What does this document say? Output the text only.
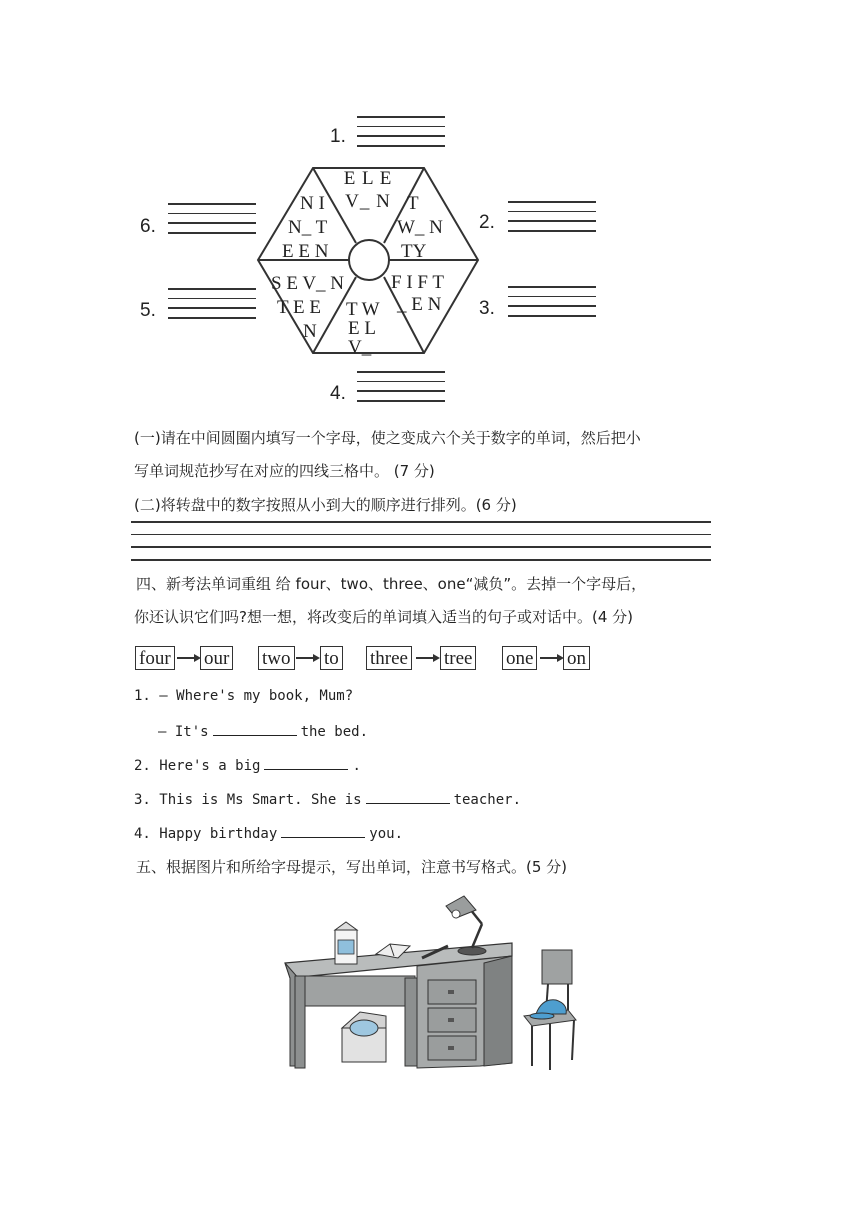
E L E
V_ N T
W_ N
TY
F I F T
_ E N
T W
E L
V_
S E V_ N
T E E
N
N I
N_ T
E E N
1.
2.
3.
4.
5.
6.
(一)请在中间圆圈内填写一个字母，使之变成六个关于数字的单词，然后把小
写单词规范抄写在对应的四线三格中。 (7 分)
(二)将转盘中的数字按照从小到大的顺序进行排列。(6 分)
四、新考法单词重组 给 four、two、three、one“减负”。去掉一个字母后，
你还认识它们吗?想一想，将改变后的单词填入适当的句子或对话中。(4 分)
four our two to three tree one on
1. — Where's my book, Mum?
— It's	the bed.
2. Here's a big	.
3. This is Ms Smart. She is	teacher.
4. Happy birthday	you.
五、根据图片和所给字母提示，写出单词，注意书写格式。(5 分)
